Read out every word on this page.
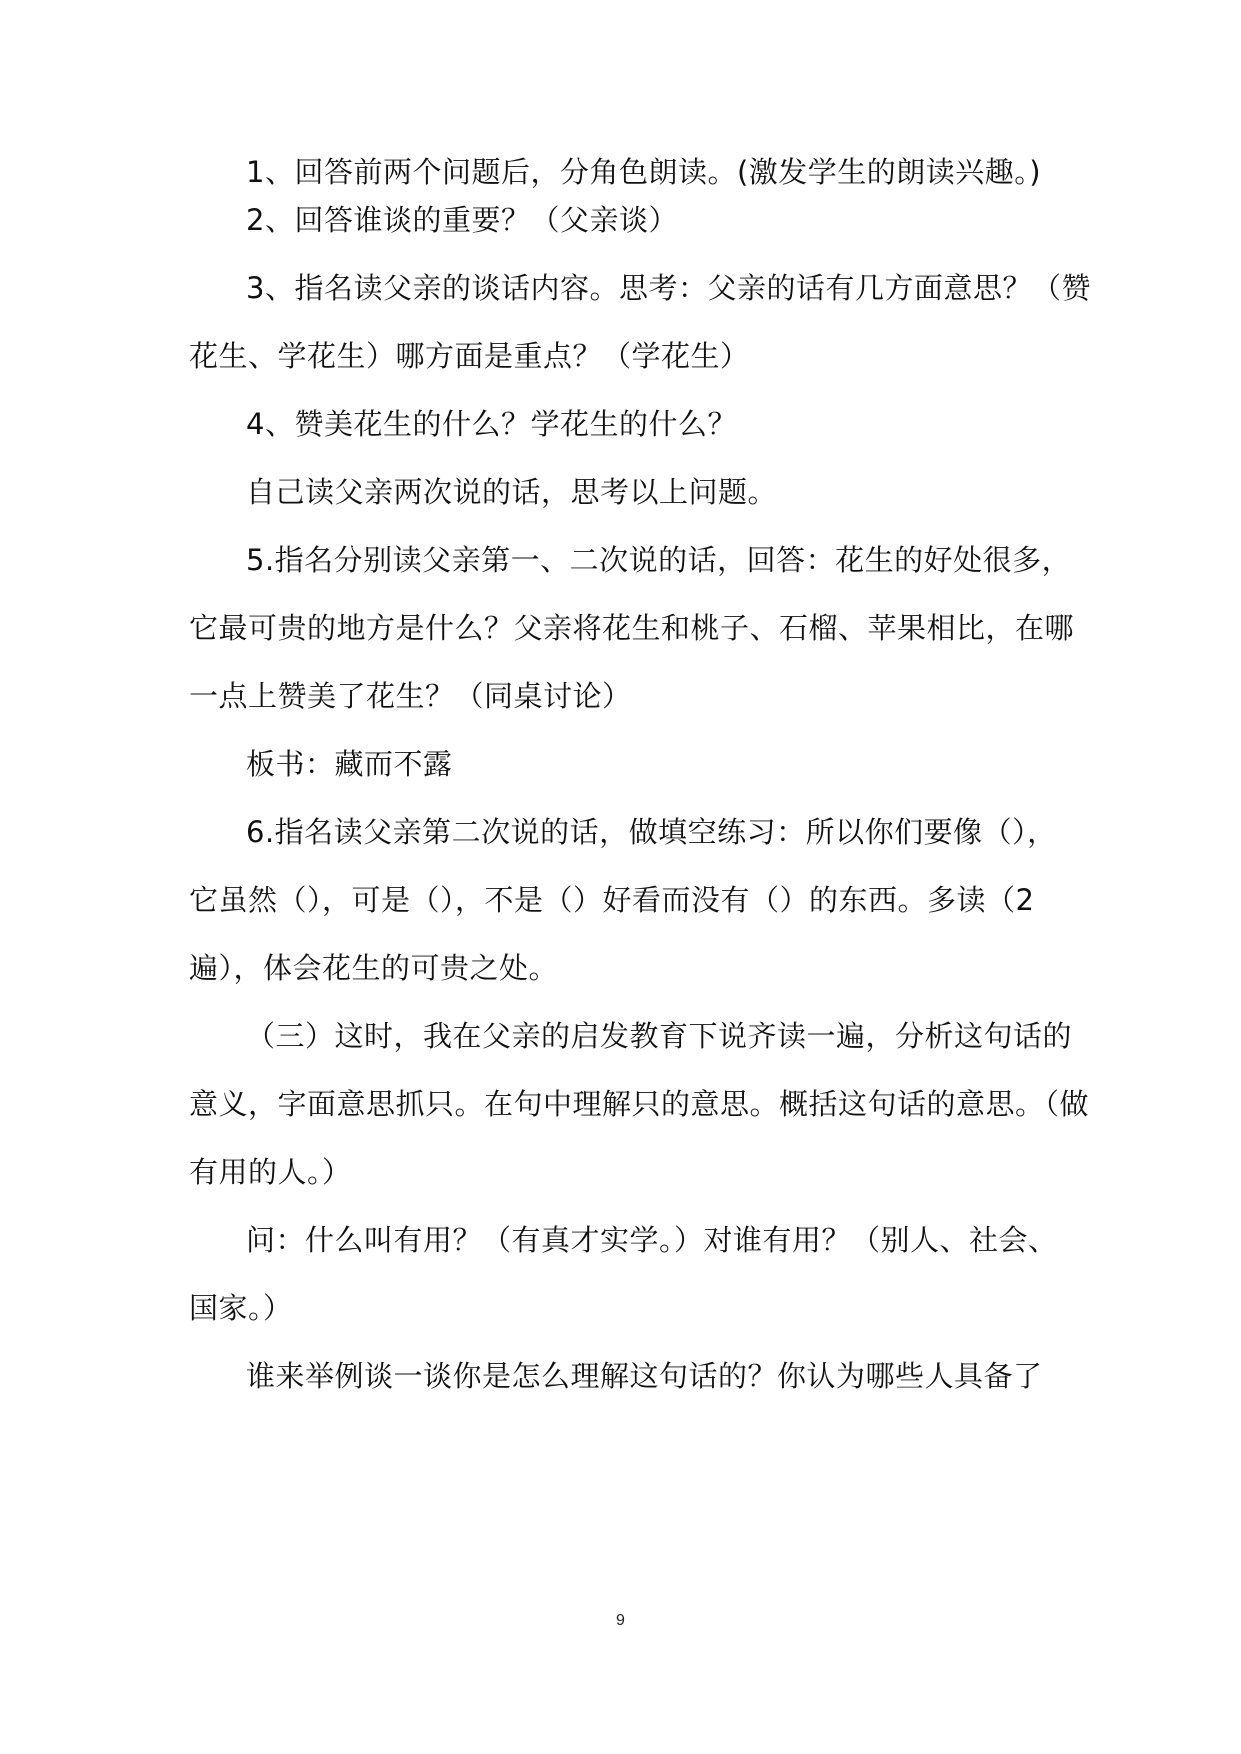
1、回答前两个问题后，分角色朗读。(激发学生的朗读兴趣。)
2、回答谁谈的重要？（父亲谈）
3、指名读父亲的谈话内容。思考：父亲的话有几方面意思？（赞
花生、学花生）哪方面是重点？（学花生）
4、赞美花生的什么？学花生的什么？
自己读父亲两次说的话，思考以上问题。
5.指名分别读父亲第一、二次说的话，回答：花生的好处很多，
它最可贵的地方是什么？父亲将花生和桃子、石榴、苹果相比，在哪
一点上赞美了花生？（同桌讨论）
板书：藏而不露
6.指名读父亲第二次说的话，做填空练习：所以你们要像（），
它虽然（），可是（），不是（）好看而没有（）的东西。多读（2
遍），体会花生的可贵之处。
（三）这时，我在父亲的启发教育下说齐读一遍，分析这句话的
意义，字面意思抓只。在句中理解只的意思。概括这句话的意思。（做
有用的人。）
问：什么叫有用？（有真才实学。）对谁有用？（别人、社会、
国家。）
谁来举例谈一谈你是怎么理解这句话的？你认为哪些人具备了
9
